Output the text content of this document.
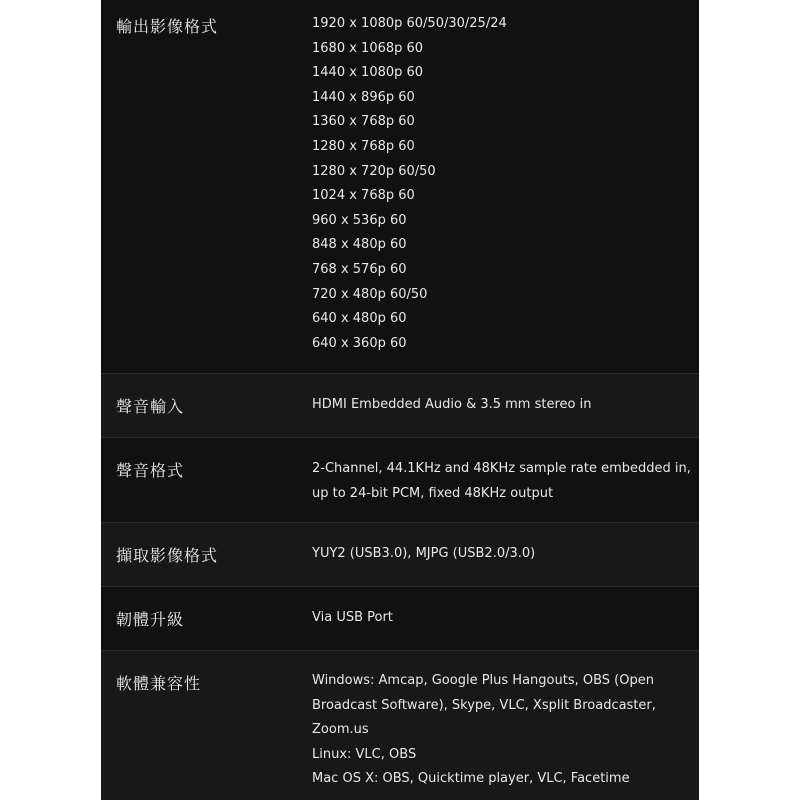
輸出影像格式	1920 x 1080p 60/50/30/25/24
1680 x 1068p 60
1440 x 1080p 60
1440 x 896p 60
1360 x 768p 60
1280 x 768p 60
1280 x 720p 60/50
1024 x 768p 60
960 x 536p 60
848 x 480p 60
768 x 576p 60
720 x 480p 60/50
640 x 480p 60
640 x 360p 60
聲音輸入	HDMI Embedded Audio & 3.5 mm stereo in
聲音格式	2-Channel, 44.1KHz and 48KHz sample rate embedded in,
up to 24-bit PCM, fixed 48KHz output
擷取影像格式	YUY2 (USB3.0), MJPG (USB2.0/3.0)
韌體升級	Via USB Port
軟體兼容性	Windows: Amcap, Google Plus Hangouts, OBS (Open
Broadcast Software), Skype, VLC, Xsplit Broadcaster,
Zoom.us
Linux: VLC, OBS
Mac OS X: OBS, Quicktime player, VLC, Facetime
